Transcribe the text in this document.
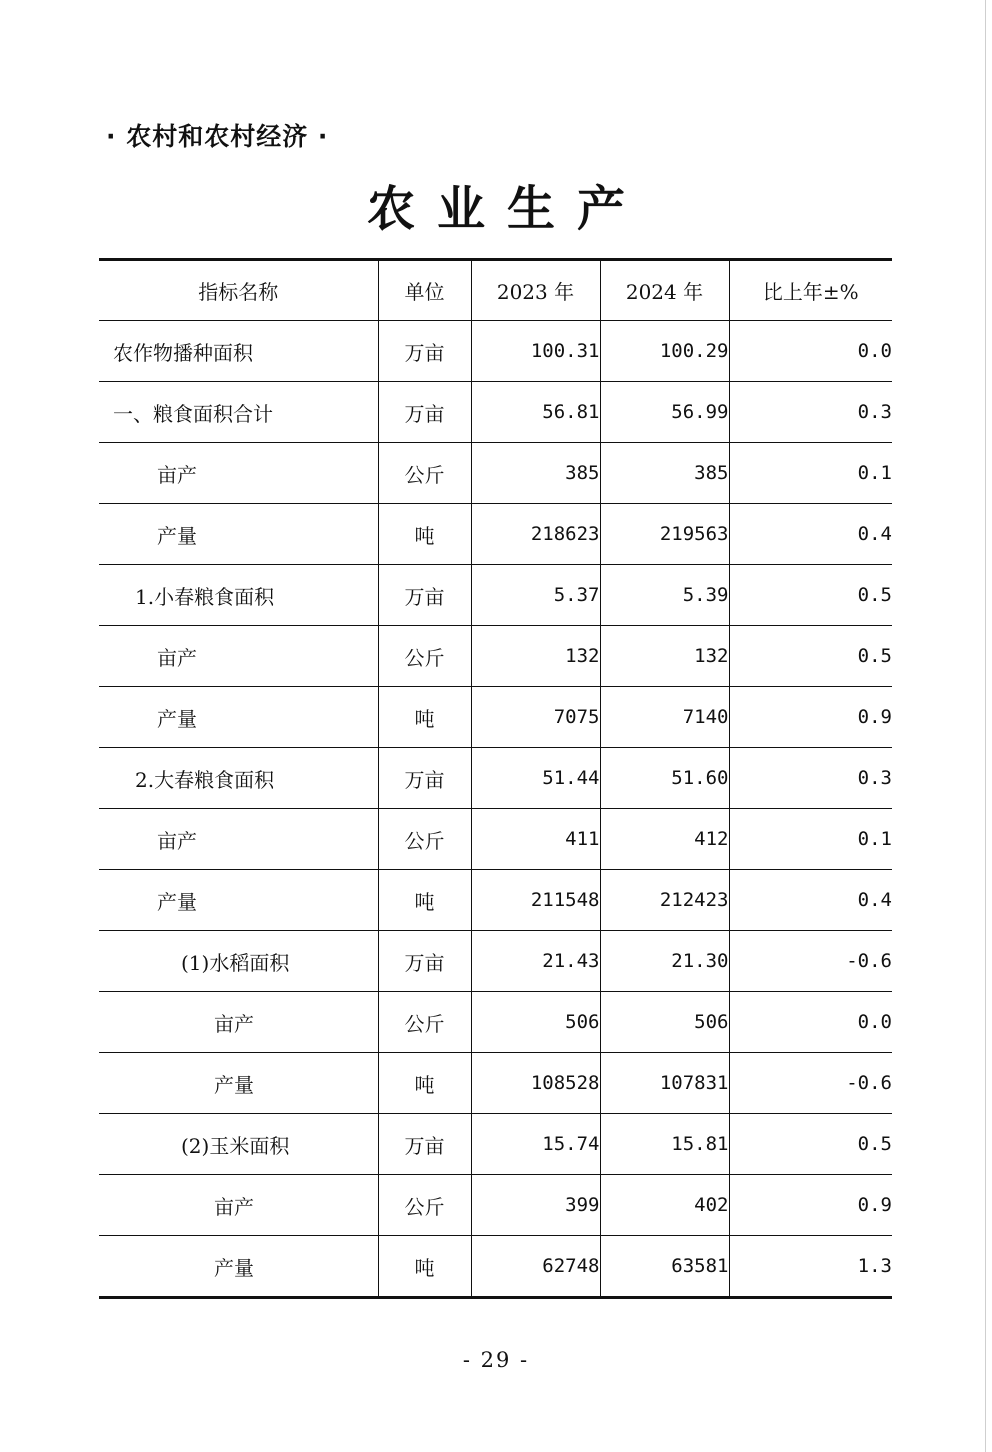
· 农村和农村经济 ·
农业生产
指标名称	单位	2023 年	2024 年	比上年±%
农作物播种面积	万亩	100.31	100.29	0.0
一、粮食面积合计	万亩	56.81	56.99	0.3
亩产	公斤	385	385	0.1
产量	吨	218623	219563	0.4
1.小春粮食面积	万亩	5.37	5.39	0.5
亩产	公斤	132	132	0.5
产量	吨	7075	7140	0.9
2.大春粮食面积	万亩	51.44	51.60	0.3
亩产	公斤	411	412	0.1
产量	吨	211548	212423	0.4
(1)水稻面积	万亩	21.43	21.30	-0.6
亩产	公斤	506	506	0.0
产量	吨	108528	107831	-0.6
(2)玉米面积	万亩	15.74	15.81	0.5
亩产	公斤	399	402	0.9
产量	吨	62748	63581	1.3
- 29 -
